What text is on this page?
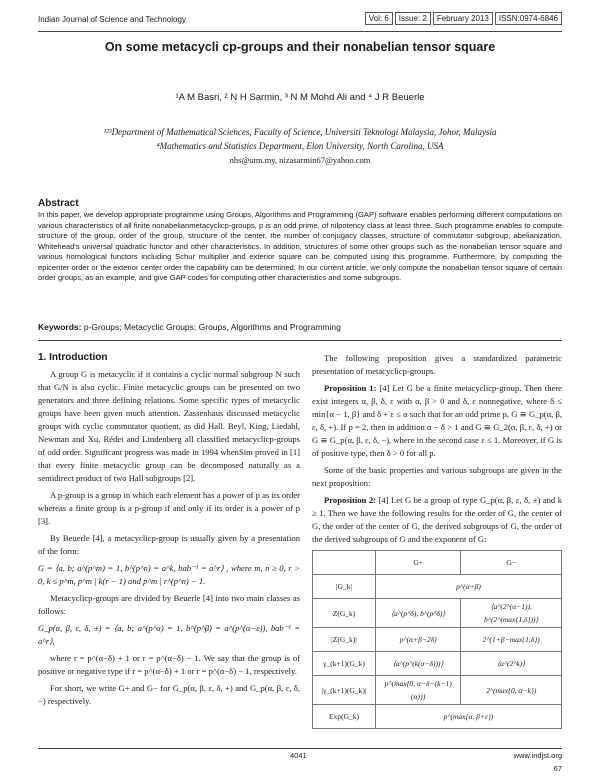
Indian Journal of Science and Technology	Vol: 6	Issue: 2	February 2013	ISSN:0974-6846
On some metacycli cp-groups and their nonabelian tensor square
¹A M Basri, ² N H Sarmin, ³ N M Mohd Ali and ⁴ J R Beuerle
¹²³Department of Mathematical Sciences, Faculty of Science, Universiti Teknologi Malaysia, Johor, Malaysia
⁴Mathematics and Statistics Department, Elon University, North Carolina, USA
nhs@utm.my, nizasarmin67@yahoo.com
Abstract
In this paper, we develop appropriate programme using Groups, Algorithms and Programming (GAP) software enables performing different computations on various characteristics of all finite nonabelianmetacyclicp-groups, p is an odd prime, of nilpotency class at least three. Such programme enables to compute structure of the group, order of the group, structure of the center, the number of conjugacy classes, structure of commutator subgroup, abelianization, Whitehead's universal quadratic functor and other characteristics. In addition, structures of some other groups such as the nonabelian tensor square and various homological functors including Schur multiplier and exterior square can be computed using this programme. Furthermore, by computing the epicenter order or the exterior center order the capability can be determined. In our current article, we only compute the nonabelian tensor square of certain order groups, as an example, and give GAP codes for computing other characteristics and some subgroups.
Keywords: p-Groups; Metacyclic Groups; Groups, Algorithms and Programming
1. Introduction

A group G is metacyclic if it contains a cyclic normal subgroup N such that G/N is also cyclic. Finite metacyclic groups can be presented on two generators and three defining relations. Some specific types of metacyclic groups have been given much attention. Zassenhaus discussed metacyclic groups with cyclic commutator quotient, as did Hall. Beyl, King, Liedahl, Newman and Xu, Rédei and Lindenberg all classified metacyclicp-groups of odd order. Significant progress was made in 1994 whenSim proved in [1] that every finite metacyclic group can be decomposed naturally as a semidirect product of two Hall subgroups [2].

A p-group is a group in which each element has a power of p as its order whereas a finite group is a p-group if and only if its order is a power of p [3].

By Beuerle [4], a metacyclicp-group is usually given by a presentation of the form:

G = ⟨a, b; a^(p^m) = 1, b^(p^n) = a^k, bab⁻¹ = a^r⟩ , where m, n ≥ 0, r > 0, k ≤ p^m, p^m | k(r − 1) and p^m | r^(p^n) − 1.

Metacyclicp-groups are divided by Beuerle [4] into two main classes as follows:

G_p(α, β, ε, δ, ±) = ⟨a, b; a^(p^α) = 1, b^(p^β) = a^(p^(α−ε)), bab⁻¹ = a^r⟩,

where r = p^(α−δ) + 1 or r = p^(α−δ) − 1. We say that the group is of positive or negative type if r = p^(α−δ) + 1 or r = p^(α−δ) − 1, respectively.

For short, we write G+ and G− for G_p(α, β, ε, δ, +) and G_p(α, β, ε, δ, −) respectively.

The following proposition gives a standardized parametric presentation of metacyclicp-groups.

Proposition 1: [4] Let G be a finite metacyclicp-group. Then there exist integers α, β, δ, ε with α, β > 0 and δ, ε nonnegative, where δ ≤ min{α − 1, β} and δ + ε ≤ α such that for an odd prime p, G ≅ G_p(α, β, ε, δ, +). If p = 2, then in addition α − δ > 1 and G ≅ G_2(α, β, ε, δ, +) or G ≅ G_p(α, β, ε, δ, −), where in the second case ε ≤ 1. Moreover, if G is of positive type, then δ > 0 for all p.

Some of the basic properties and various subgroups are given in the next proposition:

Proposition 2: [4] Let G be a group of type G_p(α, β, ε, δ, ±) and k ≥ 1. Then we have the following results for the order of G, the center of G, the order of the center of G, the derived subgroups of G, the order of the derived subgroups of G and the exponent of G:

	G+	G−
|G_k|	p^(α+β)	
Z(G_k)	⟨a^(p^δ), b^(p^δ)⟩	⟨a^(2^(α−1)), b^(2^(max{1,δ}))⟩
|Z(G_k)|	p^(α+β−2δ)	2^(1+β−max{1,δ})
γ_(k+1)(G_k)	⟨a^(p^(k(α−δ)))⟩	⟨a^(2^k)⟩
|γ_(k+1)(G_k)|	p^(max{0, α−δ−(k−1)(α)})	2^(max{0, α−k})
Exp(G_k)	p^(max{α, β+ε})	
4041	www.indjst.org
67
